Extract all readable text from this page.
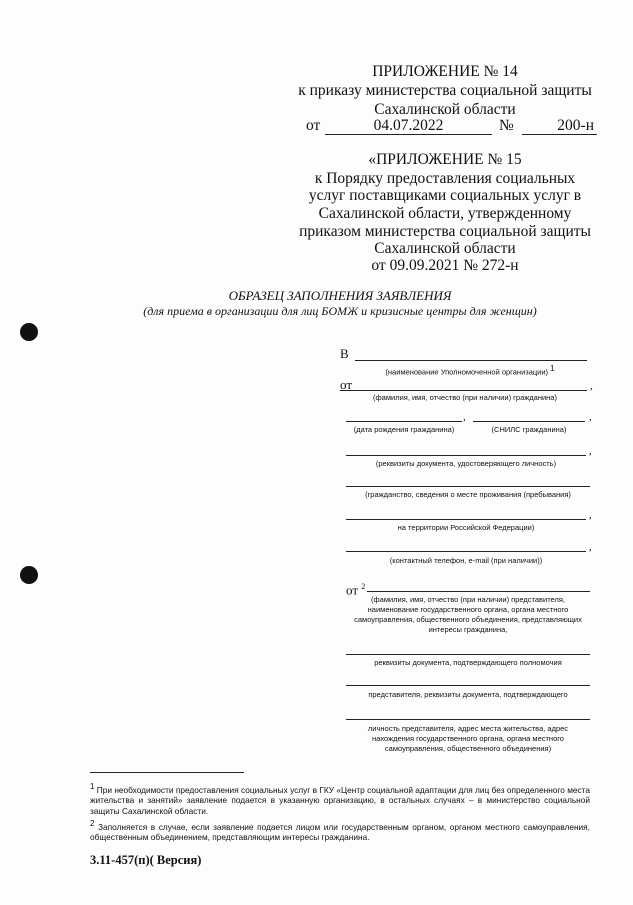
ПРИЛОЖЕНИЕ № 14
к приказу министерства социальной защиты
Сахалинской области
от	04.07.2022	№	200-н
«ПРИЛОЖЕНИЕ № 15
к Порядку предоставления социальных
услуг поставщиками социальных услуг в
Сахалинской области, утвержденному
приказом министерства социальной защиты
Сахалинской области
от 09.09.2021 № 272-н
ОБРАЗЕЦ ЗАПОЛНЕНИЯ ЗАЯВЛЕНИЯ
(для приема в организации для лиц БОМЖ и кризисные центры для женщин)
В
(наименование Уполномоченной организации) 1
от	,
(фамилия, имя, отчество (при наличии) гражданина)
,	,
(дата рождения гражданина)	(СНИЛС гражданина)
,
(реквизиты документа, удостоверяющего личность)
(гражданство, сведения о месте проживания (пребывания)
,
на территории Российской Федерации)
,
(контактный телефон, e-mail (при наличии))
от $^2$
(фамилия, имя, отчество (при наличии) представителя,
наименование государственного органа, органа местного
самоуправления, общественного объединения, представляющих
интересы гражданина,
реквизиты документа, подтверждающего полномочия
представителя, реквизиты документа, подтверждающего
личность представителя, адрес места жительства, адрес
нахождения государственного органа, органа местного
самоуправления, общественного объединения)
1 При необходимости предоставления социальных услуг в ГКУ «Центр социальной адаптации для лиц без определенного места жительства и занятий» заявление подается в указанную организацию, в остальных случаях – в министерство социальной защиты Сахалинской области.
2 Заполняется в случае, если заявление подается лицом или государственным органом, органом местного самоуправления, общественным объединением, представляющим интересы гражданина.
3.11-457(п)( Версия)
